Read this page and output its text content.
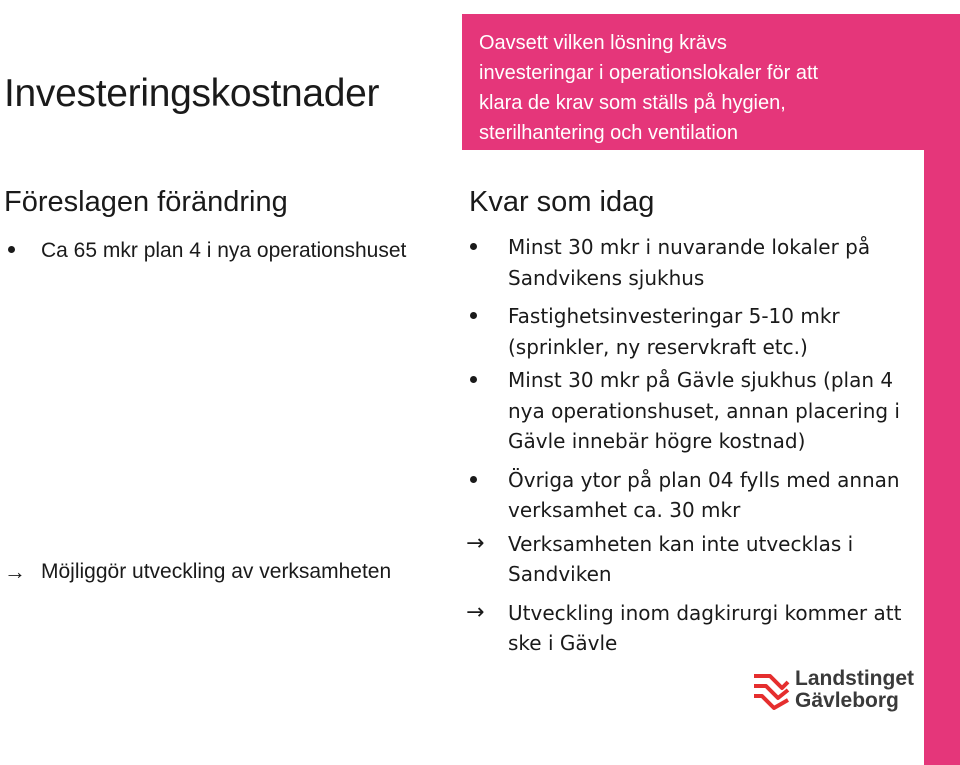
Investeringskostnader
Föreslagen förändring
Ca 65 mkr plan 4 i nya operationshuset
→ Möjliggör utveckling av verksamheten
Oavsett vilken lösning krävs
investeringar i operationslokaler för att
klara de krav som ställs på hygien,
sterilhantering och ventilation
Kvar som idag
Minst 30 mkr i nuvarande lokaler på Sandvikens sjukhus
Fastighetsinvesteringar 5-10 mkr (sprinkler, ny reservkraft etc.)
Minst 30 mkr på Gävle sjukhus (plan 4 nya operationshuset, annan placering i Gävle innebär högre kostnad)
Övriga ytor på plan 04 fylls med annan verksamhet ca. 30 mkr
→	Verksamheten kan inte utvecklas i Sandviken
→	Utveckling inom dagkirurgi kommer att ske i Gävle
Landstinget
Gävleborg
